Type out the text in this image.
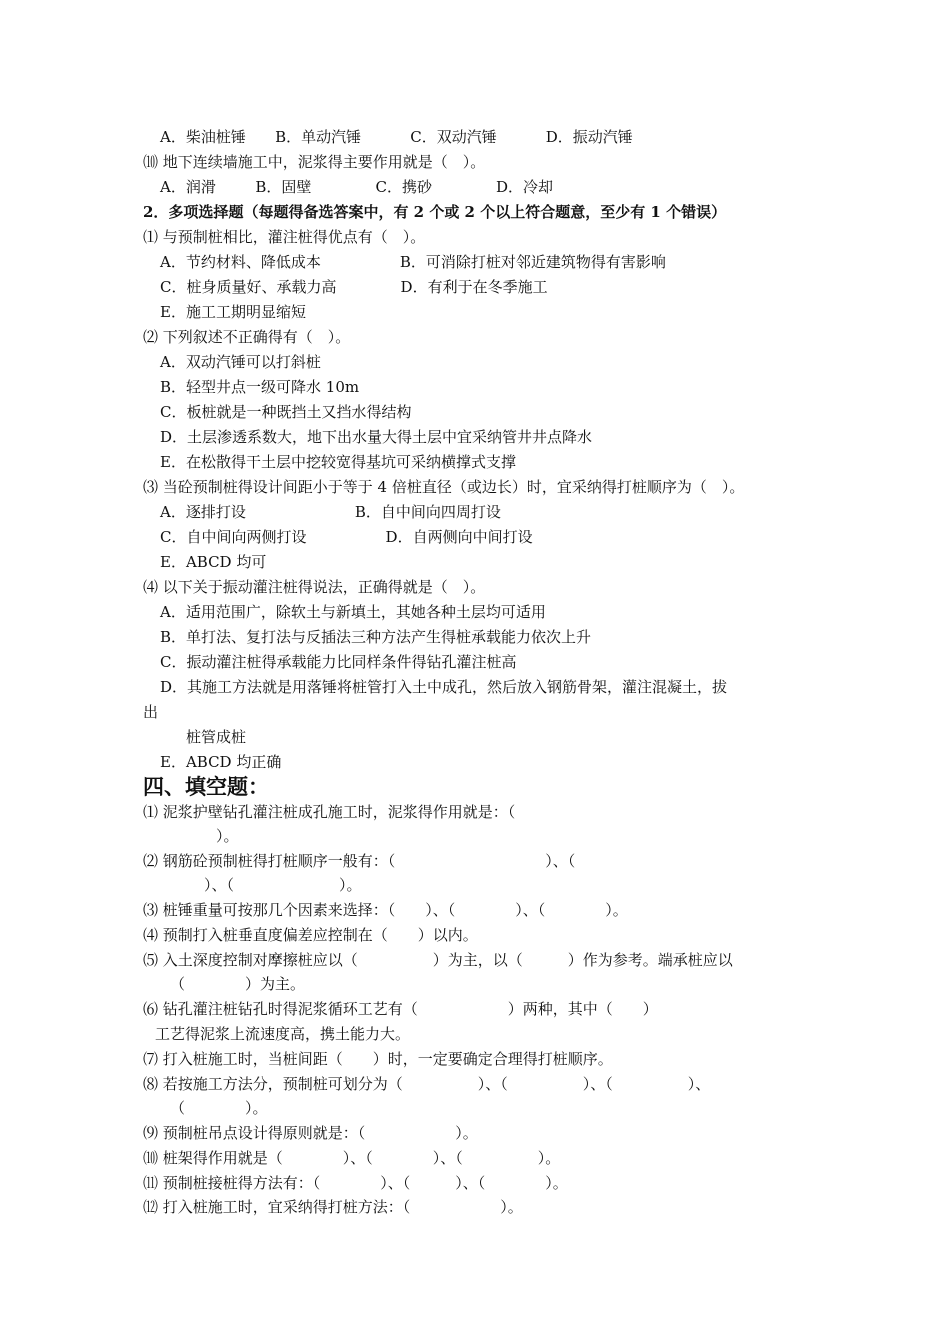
A．柴油桩锤　   B．单动汽锤　　    C．双动汽锤　　    D．振动汽锤
⑽ 地下连续墙施工中，泥浆得主要作用就是（　）。
A．润滑　　  B．固壁　　　    C．携砂　　　    D．冷却
2．多项选择题（每题得备选答案中，有 2 个或 2 个以上符合题意，至少有 1 个错误）
⑴ 与预制桩相比，灌注桩得优点有（　）。
A．节约材料、降低成本　　　　    B．可消除打桩对邻近建筑物得有害影响
C．桩身质量好、承载力高　　　    D．有利于在冬季施工
E．施工工期明显缩短
⑵ 下列叙述不正确得有（　）。
A．双动汽锤可以打斜桩
B．轻型井点一级可降水 10m
C．板桩就是一种既挡土又挡水得结构
D．土层渗透系数大，地下出水量大得土层中宜采纳管井井点降水
E．在松散得干土层中挖较宽得基坑可采纳横撑式支撑
⑶ 当砼预制桩得设计间距小于等于 4 倍桩直径（或边长）时，宜采纳得打桩顺序为（　）。
A．逐排打设　　　　　　    B．自中间向四周打设
C．自中间向两侧打设　　　　    D．自两侧向中间打设
E．ABCD 均可
⑷ 以下关于振动灌注桩得说法，正确得就是（　）。
A．适用范围广，除软土与新填土，其她各种土层均可适用
B．单打法、复打法与反插法三种方法产生得桩承载能力依次上升
C．振动灌注桩得承载能力比同样条件得钻孔灌注桩高
D．其施工方法就是用落锤将桩管打入土中成孔，然后放入钢筋骨架，灌注混凝土，拔
出
桩管成桩
E．ABCD 均正确
四、填空题：
⑴ 泥浆护壁钻孔灌注桩成孔施工时，泥浆得作用就是：（
）。
⑵ 钢筋砼预制桩得打桩顺序一般有：（　　　　　　　　　　）、（
）、（　　　　　　　）。
⑶ 桩锤重量可按那几个因素来选择：（　　）、（　　　　）、（　　　　）。
⑷ 预制打入桩垂直度偏差应控制在（　　）以内。
⑸ 入土深度控制对摩擦桩应以（　　　　　）为主，以（　　　）作为参考。端承桩应以
（　　　　）为主。
⑹ 钻孔灌注桩钻孔时得泥浆循环工艺有（　　　　　　）两种，其中（　　）
工艺得泥浆上流速度高，携土能力大。
⑺ 打入桩施工时，当桩间距（　　）时，一定要确定合理得打桩顺序。
⑻ 若按施工方法分，预制桩可划分为（　　　　　）、（　　　　　）、（　　　　　）、
（　　　　）。
⑼ 预制桩吊点设计得原则就是：（　　　　　　）。
⑽ 桩架得作用就是（　　　　）、（　　　　）、（　　　　　）。
⑾ 预制桩接桩得方法有：（　　　　）、（　　　）、（　　　　）。
⑿ 打入桩施工时，宜采纳得打桩方法：（　　　　　　）。
